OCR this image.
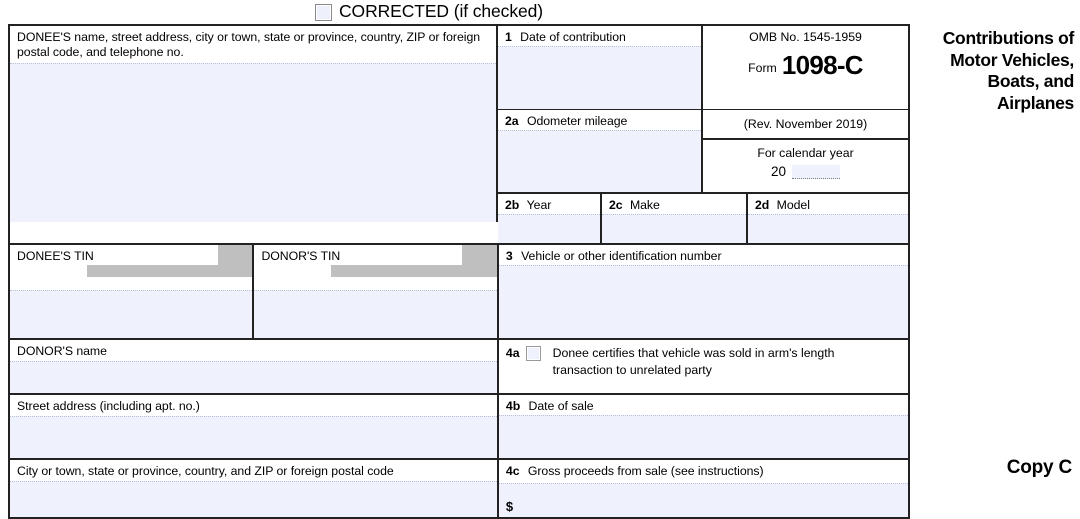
CORRECTED (if checked)
Contributions of
Motor Vehicles,
Boats, and
Airplanes
Copy C
DONEE'S name, street address, city or town, state or province, country, ZIP or foreign postal code, and telephone no.
1 Date of contribution	OMB No. 1545-1959
Form 1098-C
2a Odometer mileage	(Rev. November 2019)
For calendar year
20
2b Year	2c Make	2d Model
DONEE'S TIN	DONOR'S TIN	3 Vehicle or other identification number
DONOR'S name	4a	Donee certifies that vehicle was sold in arm's length transaction to unrelated party
Street address (including apt. no.)	4b Date of sale
City or town, state or province, country, and ZIP or foreign postal code	4c Gross proceeds from sale (see instructions)
$
